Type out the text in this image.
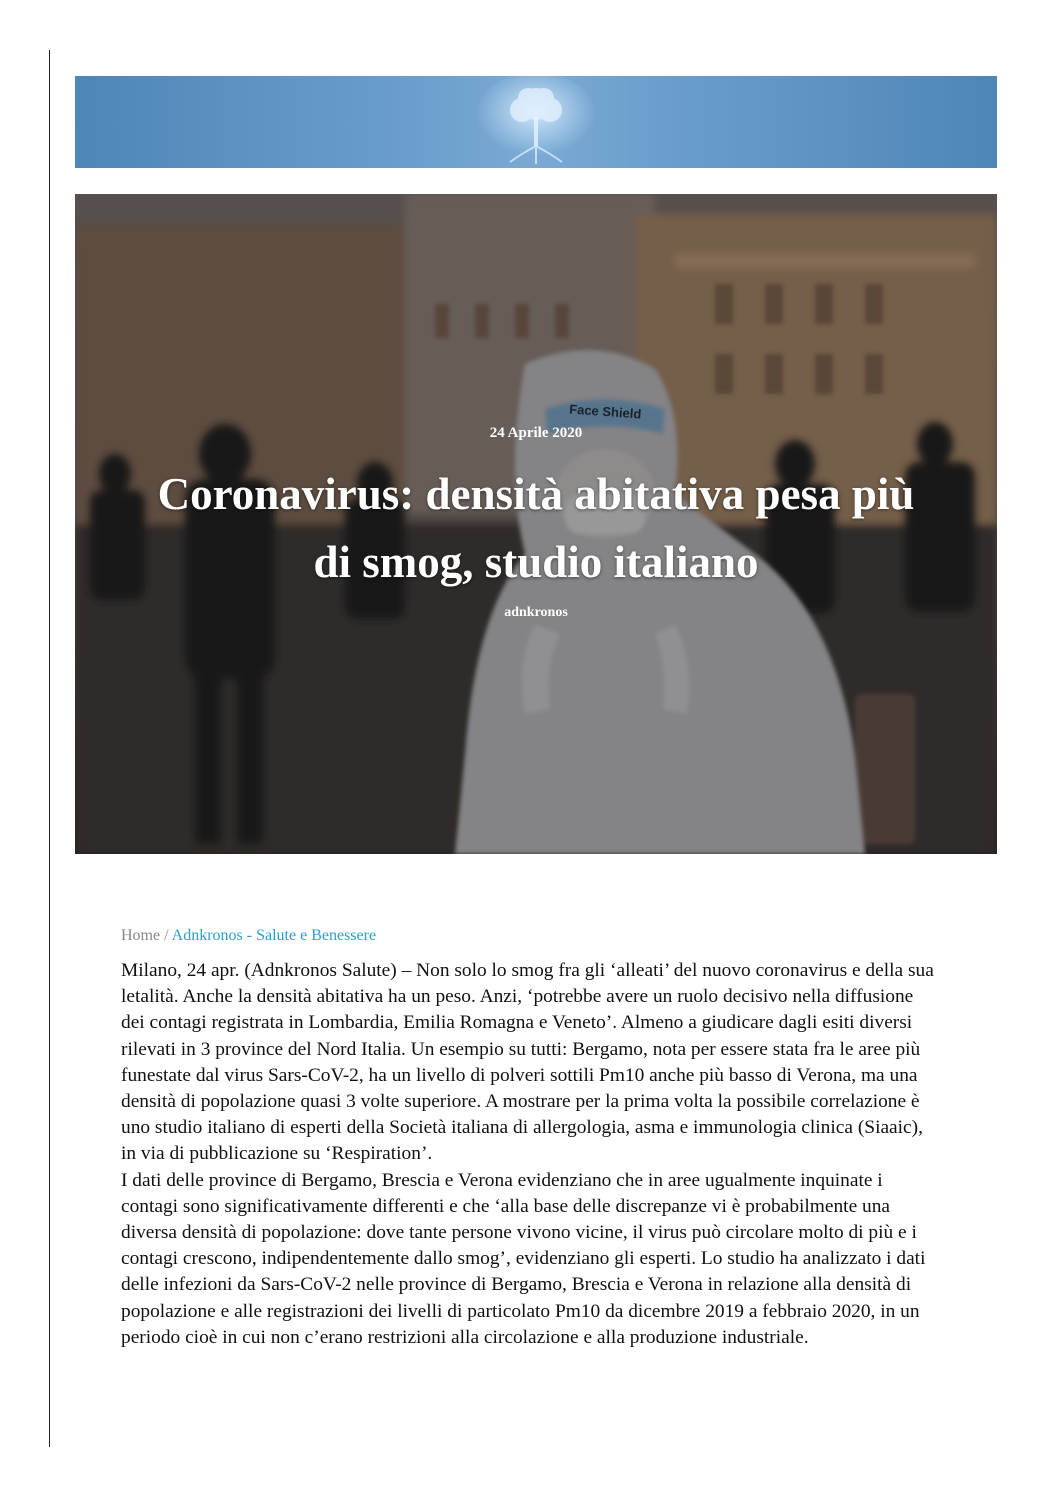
Face Shield
24 Aprile 2020
Coronavirus: densità abitativa pesa più
di smog, studio italiano
adnkronos
Home / Adnkronos - Salute e Benessere

Milano, 24 apr. (Adnkronos Salute) – Non solo lo smog fra gli ‘alleati’ del nuovo coronavirus e della sua letalità. Anche la densità abitativa ha un peso. Anzi, ‘potrebbe avere un ruolo decisivo nella diffusione dei contagi registrata in Lombardia, Emilia Romagna e Veneto’. Almeno a giudicare dagli esiti diversi rilevati in 3 province del Nord Italia. Un esempio su tutti: Bergamo, nota per essere stata fra le aree più funestate dal virus Sars-CoV-2, ha un livello di polveri sottili Pm10 anche più basso di Verona, ma una densità di popolazione quasi 3 volte superiore. A mostrare per la prima volta la possibile correlazione è uno studio italiano di esperti della Società italiana di allergologia, asma e immunologia clinica (Siaaic), in via di pubblicazione su ‘Respiration’.

I dati delle province di Bergamo, Brescia e Verona evidenziano che in aree ugualmente inquinate i contagi sono significativamente differenti e che ‘alla base delle discrepanze vi è probabilmente una diversa densità di popolazione: dove tante persone vivono vicine, il virus può circolare molto di più e i contagi crescono, indipendentemente dallo smog’, evidenziano gli esperti. Lo studio ha analizzato i dati delle infezioni da Sars-CoV-2 nelle province di Bergamo, Brescia e Verona in relazione alla densità di popolazione e alle registrazioni dei livelli di particolato Pm10 da dicembre 2019 a febbraio 2020, in un periodo cioè in cui non c’erano restrizioni alla circolazione e alla produzione industriale.
